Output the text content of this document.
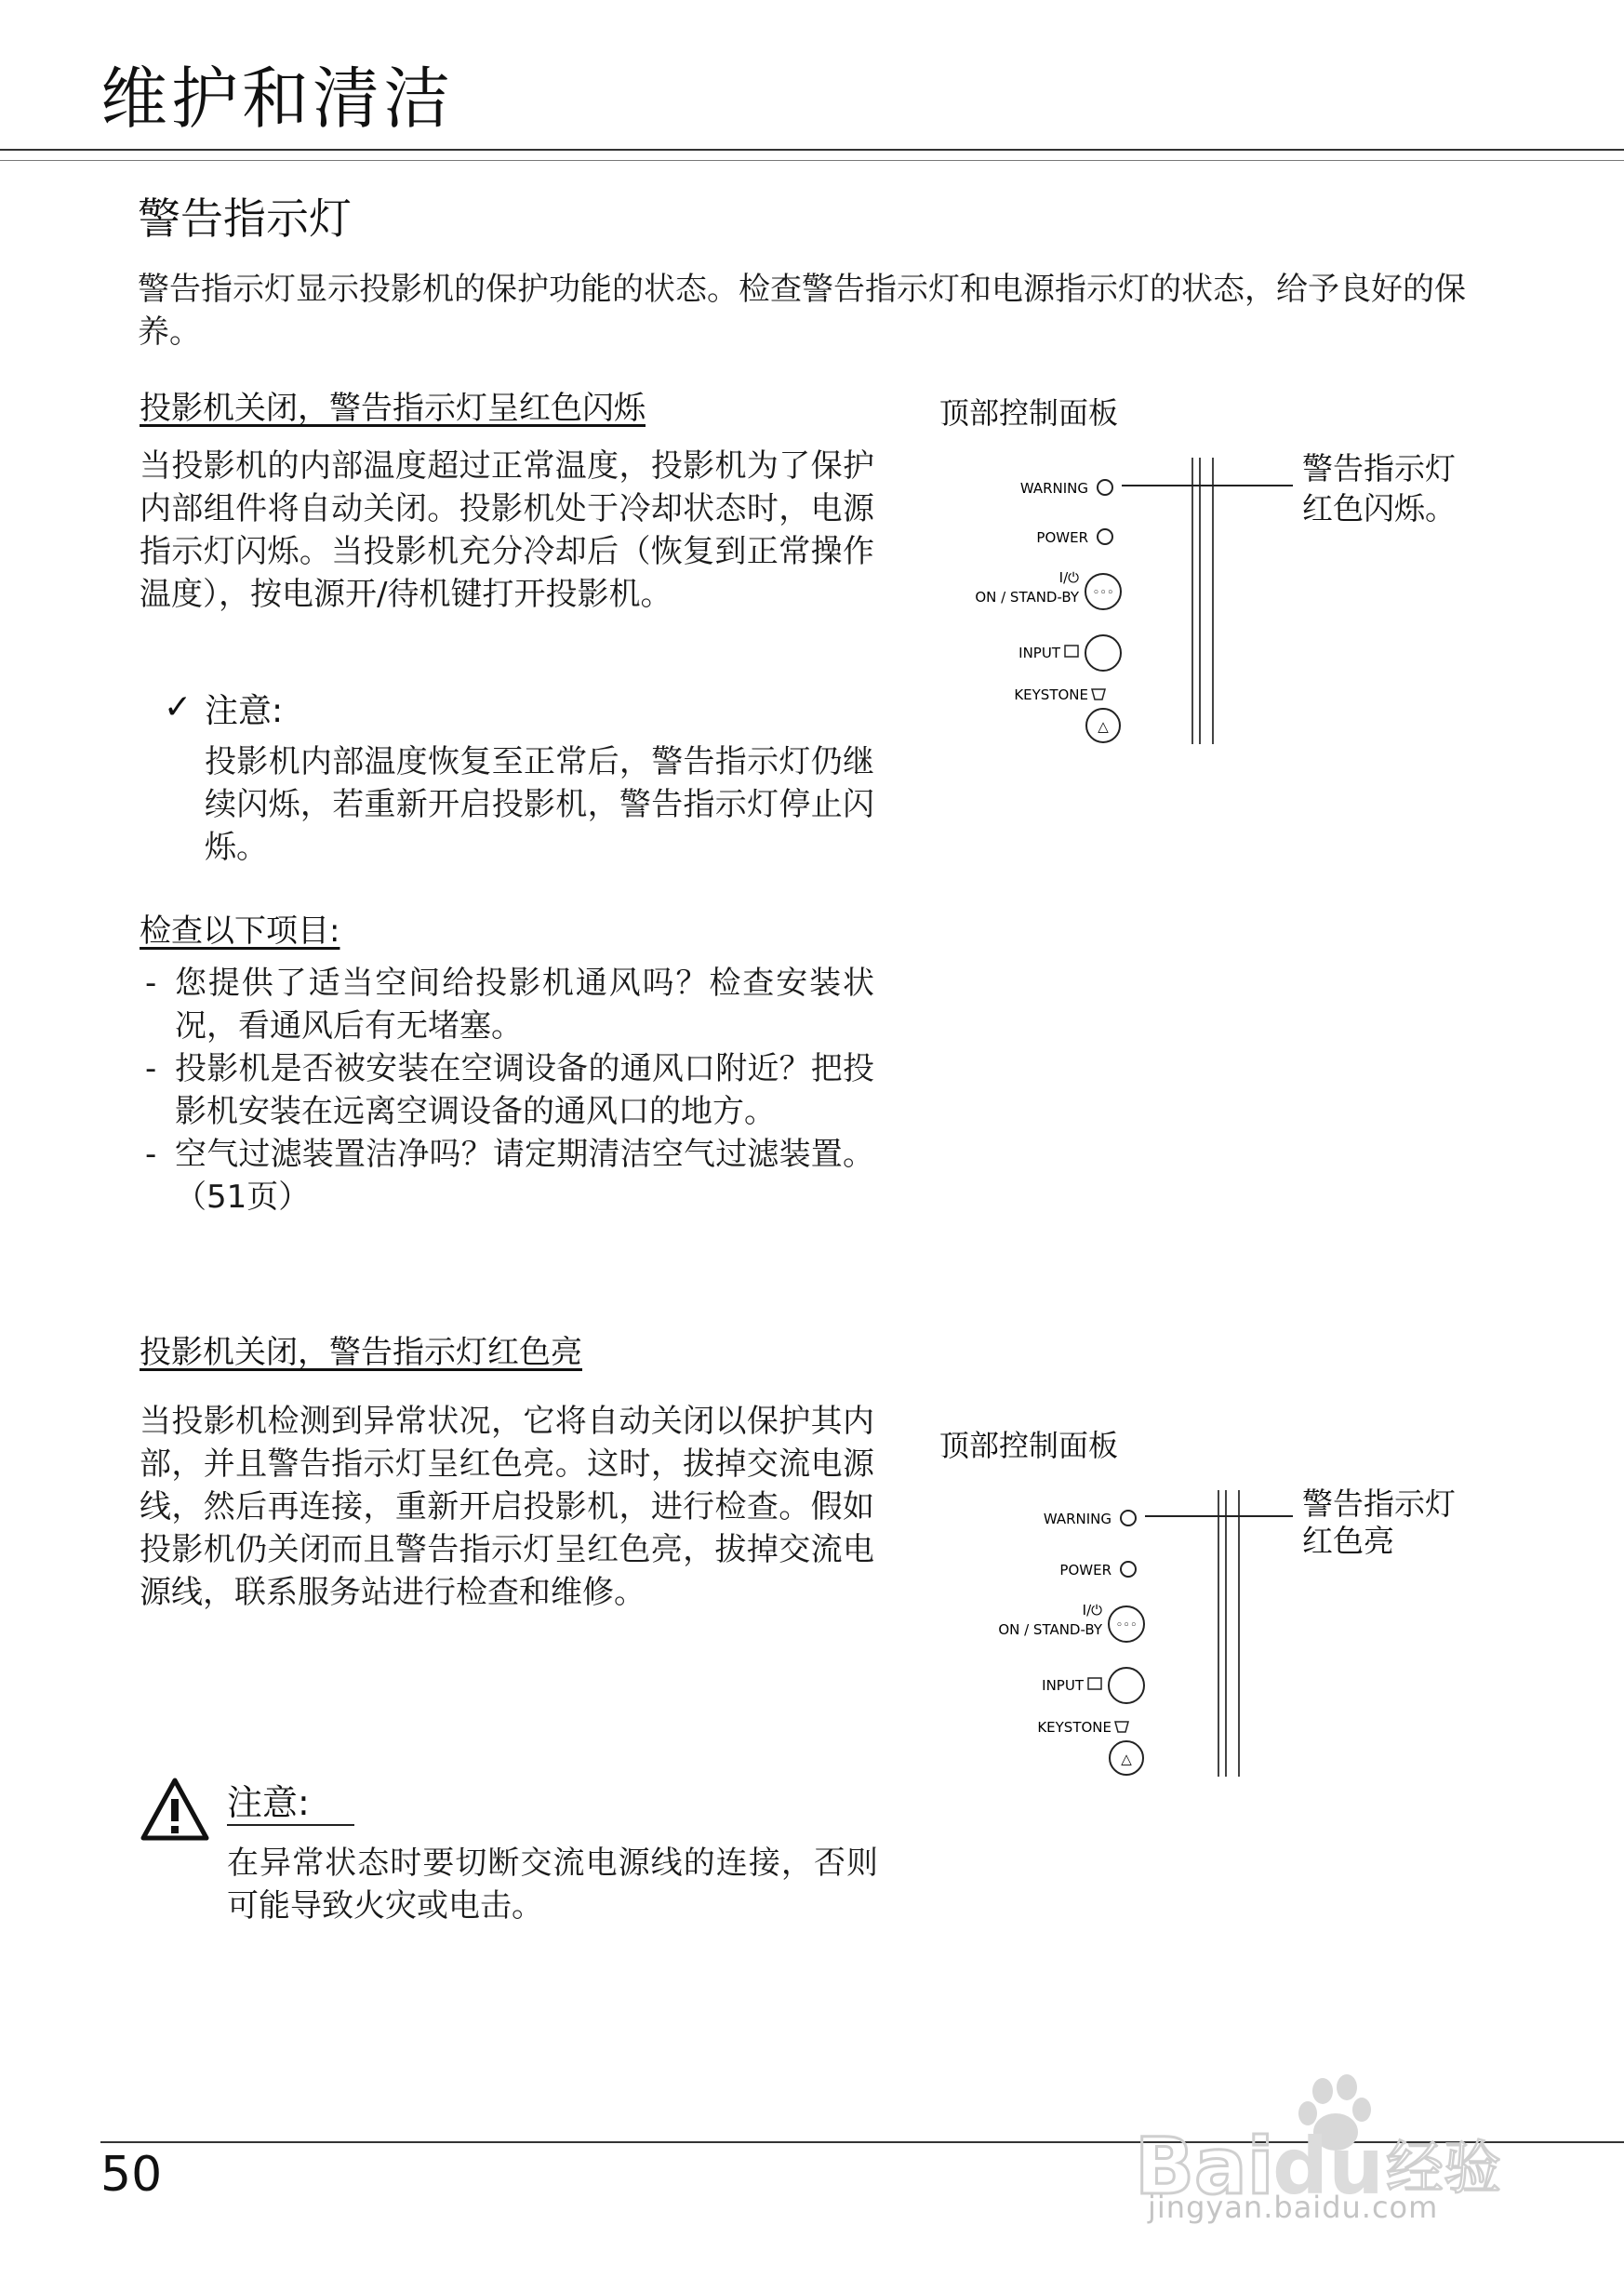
维护和清洁
警告指示灯
警告指示灯显示投影机的保护功能的状态。检查警告指示灯和电源指示灯的状态，给予良好的保养。
投影机关闭，警告指示灯呈红色闪烁
当投影机的内部温度超过正常温度，投影机为了保护内部组件将自动关闭。投影机处于冷却状态时，电源指示灯闪烁。当投影机充分冷却后（恢复到正常操作温度），按电源开/待机键打开投影机。
✓ 注意:
投影机内部温度恢复至正常后，警告指示灯仍继续闪烁，若重新开启投影机，警告指示灯停止闪烁。
检查以下项目:
- 您提供了适当空间给投影机通风吗？检查安装状况，看通风后有无堵塞。
- 投影机是否被安装在空调设备的通风口附近？把投影机安装在远离空调设备的通风口的地方。
- 空气过滤装置洁净吗？请定期清洁空气过滤装置。（51页）
投影机关闭，警告指示灯红色亮
当投影机检测到异常状况，它将自动关闭以保护其内部，并且警告指示灯呈红色亮。这时，拔掉交流电源线，然后再连接，重新开启投影机，进行检查。假如投影机仍关闭而且警告指示灯呈红色亮，拔掉交流电源线，联系服务站进行检查和维修。
注意:
在异常状态时要切断交流电源线的连接，否则可能导致火灾或电击。
顶部控制面板
WARNING
POWER
I/⏻
ON / STAND-BY ◦◦◦
INPUT
KEYSTONE
△
警告指示灯
红色闪烁。
顶部控制面板
WARNING
POWER
I/⏻
ON / STAND-BY ◦◦◦
INPUT
KEYSTONE
△
警告指示灯
红色亮
50	Bai
du 经验
jingyan.baidu.com
